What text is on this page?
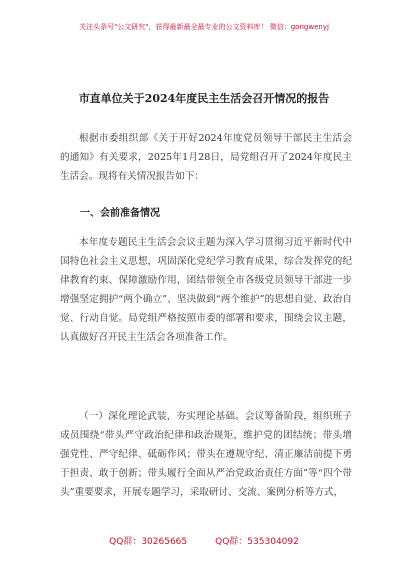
关注头条号"公文研究"，获得最新最全最专业的公文资料库！ 微信：gongwenyj
市直单位关于2024年度民主生活会召开情况的报告
根据市委组织部《关于开好2024年度党员领导干部民主生活会的通知》有关要求，2025年1月28日，局党组召开了2024年度民主生活会。现将有关情况报告如下：
一、会前准备情况
本年度专题民主生活会会议主题为深入学习贯彻习近平新时代中国特色社会主义思想，巩固深化党纪学习教育成果，综合发挥党的纪律教育约束、保障激励作用，团结带领全市各级党员领导干部进一步增强坚定拥护“两个确立”、坚决做到“两个维护”的思想自觉、政治自觉、行动自觉。局党组严格按照市委的部署和要求，围绕会议主题，认真做好召开民主生活会各项准备工作。
（一）深化理论武装，夯实理论基础。会议筹备阶段，组织班子成员围绕“带头严守政治纪律和政治规矩，维护党的团结统；带头增强党性、严守纪律、砥砺作风；带头在遵规守纪、清正廉洁前提下勇于担责、敢于创新；带头履行全面从严治党政治责任方面”等“四个带头”重要要求，开展专题学习，采取研讨、交流、案例分析等方式，
QQ群：30265665	QQ群：535304092
